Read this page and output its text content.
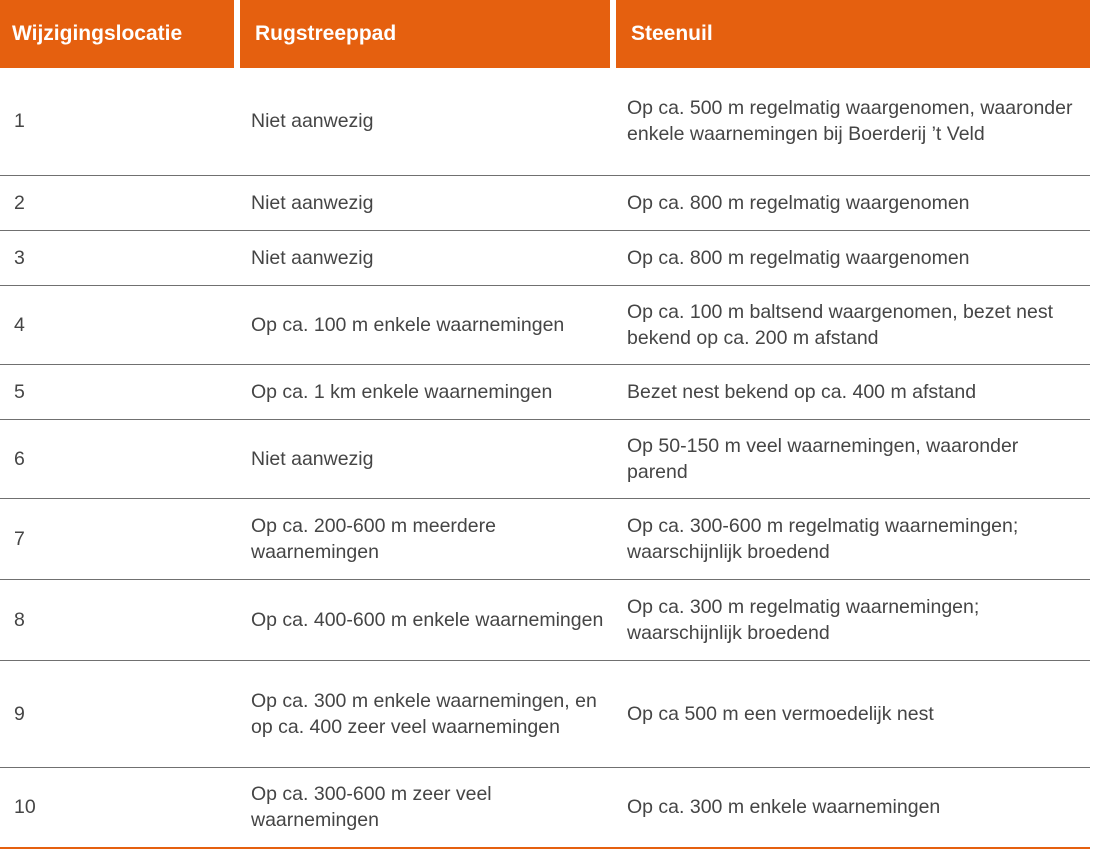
Wijzigingslocatie	Rugstreeppad	Steenuil
1	Niet aanwezig	Op ca. 500 m regelmatig waargenomen, waaronder enkele waarnemingen bij Boerderij ’t Veld
2	Niet aanwezig	Op ca. 800 m regelmatig waargenomen
3	Niet aanwezig	Op ca. 800 m regelmatig waargenomen
4	Op ca. 100 m enkele waarnemingen	Op ca. 100 m baltsend waargenomen, bezet nest bekend op ca. 200 m afstand
5	Op ca. 1 km enkele waarnemingen	Bezet nest bekend op ca. 400 m afstand
6	Niet aanwezig	Op 50-150 m veel waarnemingen, waaronder parend
7	Op ca. 200-600 m meerdere waarnemingen	Op ca. 300-600 m regelmatig waarnemingen; waarschijnlijk broedend
8	Op ca. 400-600 m enkele waarnemingen	Op ca. 300 m regelmatig waarnemingen; waarschijnlijk broedend
9	Op ca. 300 m enkele waarnemingen, en op ca. 400 zeer veel waarnemingen	Op ca 500 m een vermoedelijk nest
10	Op ca. 300-600 m zeer veel waarnemingen	Op ca. 300 m enkele waarnemingen
